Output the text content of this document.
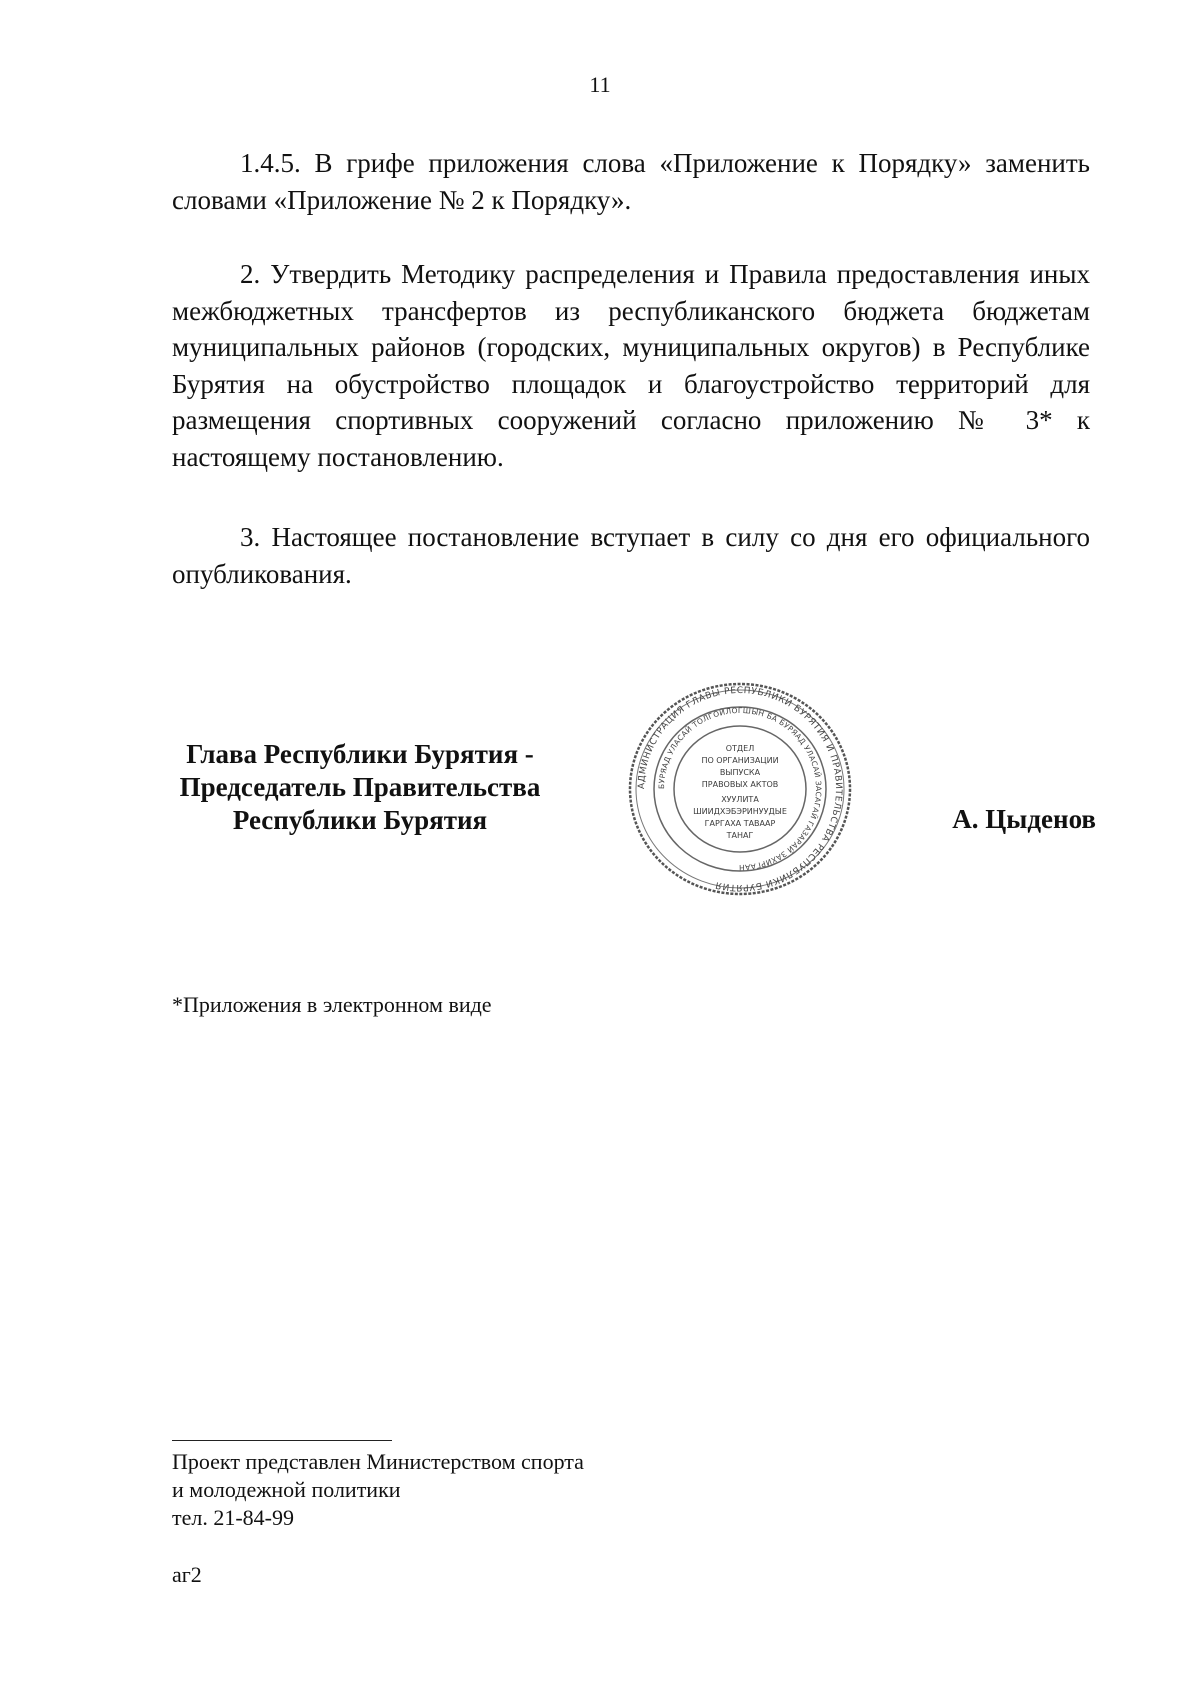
11
1.4.5. В грифе приложения слова «Приложение к Порядку» заменить словами «Приложение № 2 к Порядку».
2. Утвердить Методику распределения и Правила предоставления иных межбюджетных трансфертов из республиканского бюджета бюджетам муниципальных районов (городских, муниципальных округов) в Республике Бурятия на обустройство площадок и благоустройство территорий для размещения спортивных сооружений согласно приложению № 3* к настоящему постановлению.
3. Настоящее постановление вступает в силу со дня его официального опубликования.
Глава Республики Бурятия -
Председатель Правительства
Республики Бурятия
АДМИНИСТРАЦИЯ ГЛАВЫ РЕСПУБЛИКИ БУРЯТИЯ И ПРАВИТЕЛЬСТВА РЕСПУБЛИКИ БУРЯТИЯ
БУРЯАД УЛАСАЙ ТОЛГОЙЛОГШЫН БА БУРЯАД УЛАСАЙ ЗАСАГАЙ ГАЗАРАЙ ЗАХИРГААН
ОТДЕЛ
ПО ОРГАНИЗАЦИИ
ВЫПУСКА
ПРАВОВЫХ АКТОВ
ХУУЛИТА
ШИИДХЭБЭРИНУУДЫЕ
ГАРГАХА ТАВААР
ТАНАГ
А. Цыденов
*Приложения в электронном виде
Проект представлен Министерством спорта
и молодежной политики
тел. 21-84-99
аг2
